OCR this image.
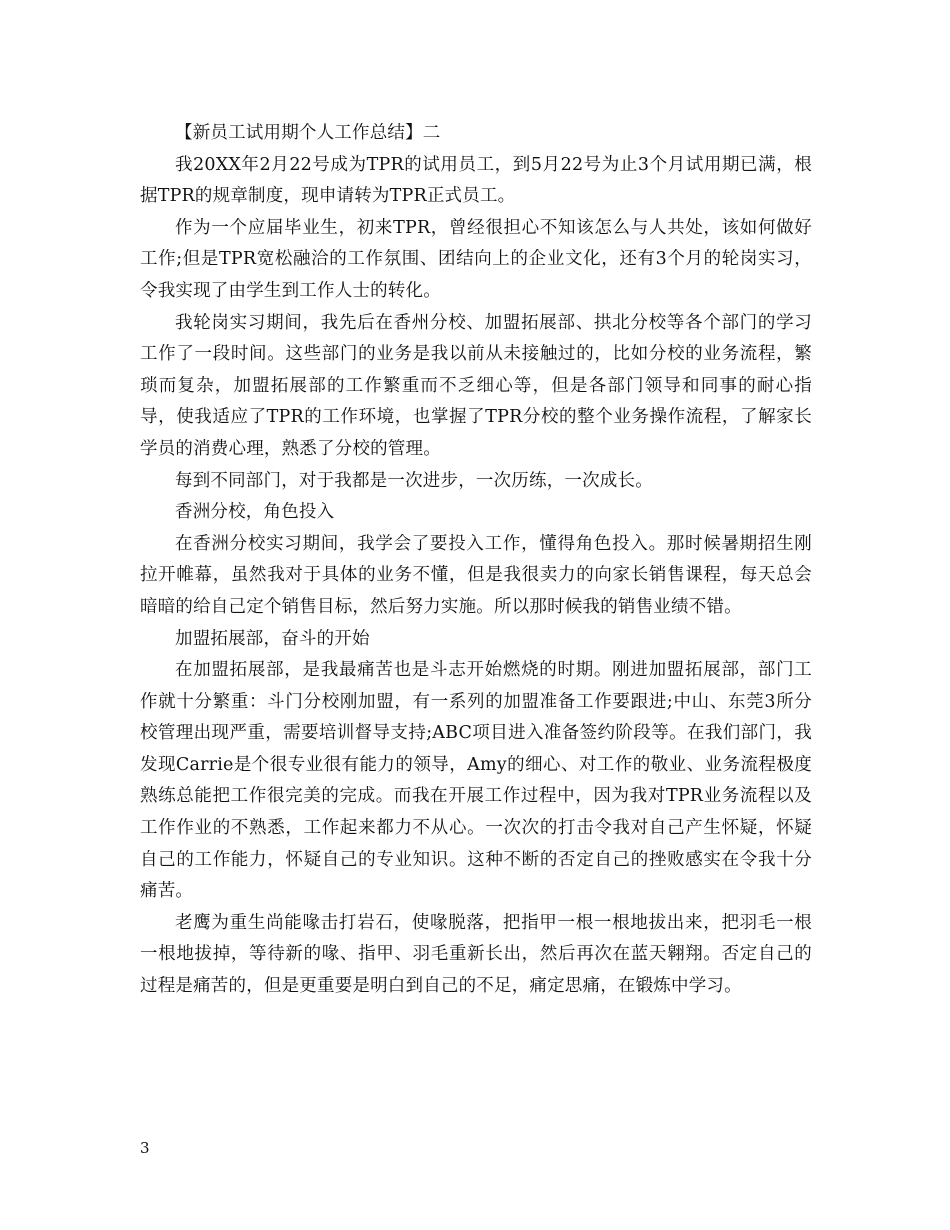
【新员工试用期个人工作总结】二

我20XX年2月22号成为TPR的试用员工，到5月22号为止3个月试用期已满，根据TPR的规章制度，现申请转为TPR正式员工。

作为一个应届毕业生，初来TPR，曾经很担心不知该怎么与人共处，该如何做好工作;但是TPR宽松融洽的工作氛围、团结向上的企业文化，还有3个月的轮岗实习，令我实现了由学生到工作人士的转化。

我轮岗实习期间，我先后在香州分校、加盟拓展部、拱北分校等各个部门的学习工作了一段时间。这些部门的业务是我以前从未接触过的，比如分校的业务流程，繁琐而复杂，加盟拓展部的工作繁重而不乏细心等，但是各部门领导和同事的耐心指导，使我适应了TPR的工作环境，也掌握了TPR分校的整个业务操作流程，了解家长学员的消费心理，熟悉了分校的管理。

每到不同部门，对于我都是一次进步，一次历练，一次成长。

香洲分校，角色投入

在香洲分校实习期间，我学会了要投入工作，懂得角色投入。那时候暑期招生刚拉开帷幕，虽然我对于具体的业务不懂，但是我很卖力的向家长销售课程，每天总会暗暗的给自己定个销售目标，然后努力实施。所以那时候我的销售业绩不错。

加盟拓展部，奋斗的开始

在加盟拓展部，是我最痛苦也是斗志开始燃烧的时期。刚进加盟拓展部，部门工作就十分繁重：斗门分校刚加盟，有一系列的加盟准备工作要跟进;中山、东莞3所分校管理出现严重，需要培训督导支持;ABC项目进入准备签约阶段等。在我们部门，我发现Carrie是个很专业很有能力的领导，Amy的细心、对工作的敬业、业务流程极度熟练总能把工作很完美的完成。而我在开展工作过程中，因为我对TPR业务流程以及工作作业的不熟悉，工作起来都力不从心。一次次的打击令我对自己产生怀疑，怀疑自己的工作能力，怀疑自己的专业知识。这种不断的否定自己的挫败感实在令我十分痛苦。

老鹰为重生尚能喙击打岩石，使喙脱落，把指甲一根一根地拔出来，把羽毛一根一根地拔掉，等待新的喙、指甲、羽毛重新长出，然后再次在蓝天翱翔。否定自己的过程是痛苦的，但是更重要是明白到自己的不足，痛定思痛，在锻炼中学习。

3
